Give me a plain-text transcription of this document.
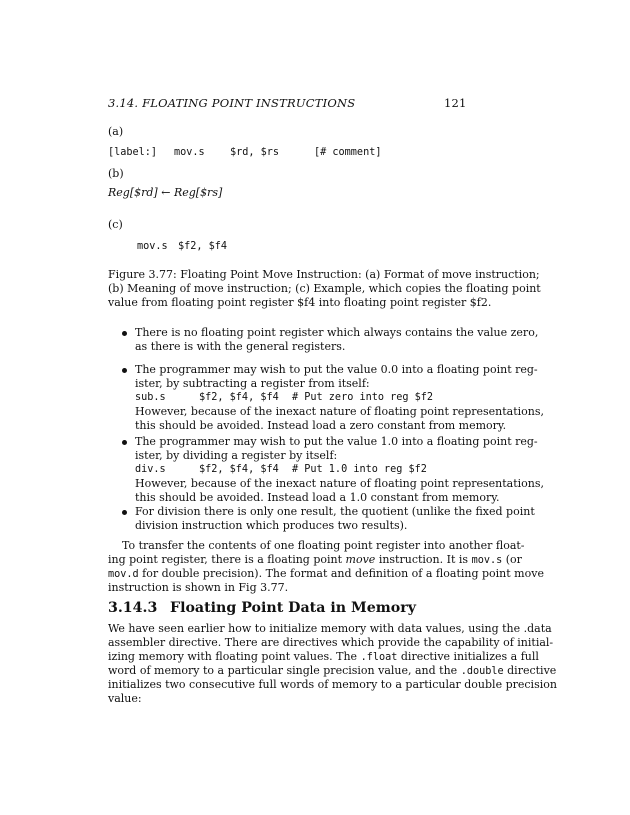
3.14. FLOATING POINT INSTRUCTIONS	121
(a)
[label:] mov.s $rd, $rs	[# comment]
(b)
Reg[$rd] ← Reg[$rs]
(c)
mov.s $f2, $f4
Figure 3.77: Floating Point Move Instruction: (a) Format of move instruction;
(b) Meaning of move instruction; (c) Example, which copies the floating point
value from floating point register $f4 into floating point register $f2.
There is no floating point register which always contains the value zero,
as there is with the general registers.
The programmer may wish to put the value 0.0 into a floating point reg-
ister, by subtracting a register from itself:
sub.s	$f2, $f4, $f4 # Put zero into reg $f2
However, because of the inexact nature of floating point representations,
this should be avoided. Instead load a zero constant from memory.
The programmer may wish to put the value 1.0 into a floating point reg-
ister, by dividing a register by itself:
div.s	$f2, $f4, $f4 # Put 1.0 into reg $f2
However, because of the inexact nature of floating point representations,
this should be avoided. Instead load a 1.0 constant from memory.
For division there is only one result, the quotient (unlike the fixed point
division instruction which produces two results).
To transfer the contents of one floating point register into another float-
ing point register, there is a floating point move instruction. It is mov.s (or
mov.d for double precision). The format and definition of a floating point move
instruction is shown in Fig 3.77.
3.14.3 Floating Point Data in Memory
We have seen earlier how to initialize memory with data values, using the .data
assembler directive. There are directives which provide the capability of initial-
izing memory with floating point values. The .float directive initializes a full
word of memory to a particular single precision value, and the .double directive
initializes two consecutive full words of memory to a particular double precision
value:
